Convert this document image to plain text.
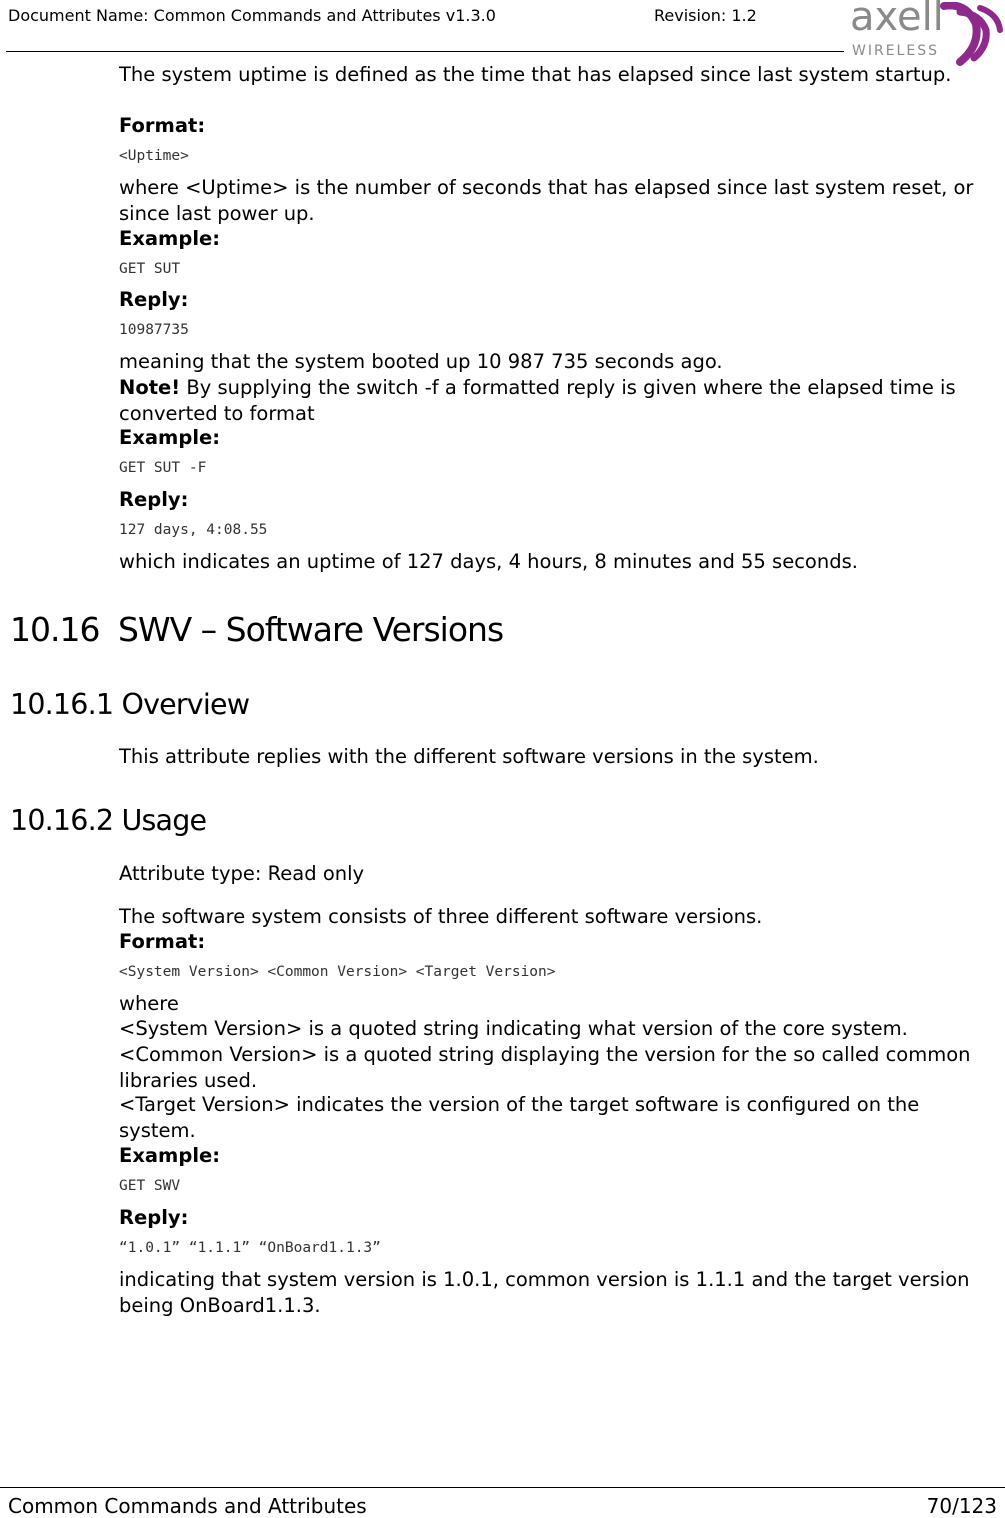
Document Name: Common Commands and Attributes v1.3.0	Revision: 1.2 axell
WIRELESS

The system uptime is defined as the time that has elapsed since last system startup.

Format:

<Uptime>

where <Uptime> is the number of seconds that has elapsed since last system reset, or since last power up.

Example:

GET SUT

Reply:

10987735

meaning that the system booted up 10 987 735 seconds ago.

Note! By supplying the switch -f a formatted reply is given where the elapsed time is converted to format

Example:

GET SUT -F

Reply:

127 days, 4:08.55

which indicates an uptime of 127 days, 4 hours, 8 minutes and 55 seconds.

This attribute replies with the different software versions in the system.

Attribute type: Read only

The software system consists of three different software versions.

Format:

<System Version> <Common Version> <Target Version>

where

<System Version> is a quoted string indicating what version of the core system.

<Common Version> is a quoted string displaying the version for the so called common libraries used.

<Target Version> indicates the version of the target software is configured on the system.

Example:

GET SWV

Reply:

“1.0.1” “1.1.1” “OnBoard1.1.3”

indicating that system version is 1.0.1, common version is 1.1.1 and the target version being OnBoard1.1.3.

10.16 SWV – Software Versions
10.16.1 Overview
10.16.2 Usage
Common Commands and Attributes	70/123
